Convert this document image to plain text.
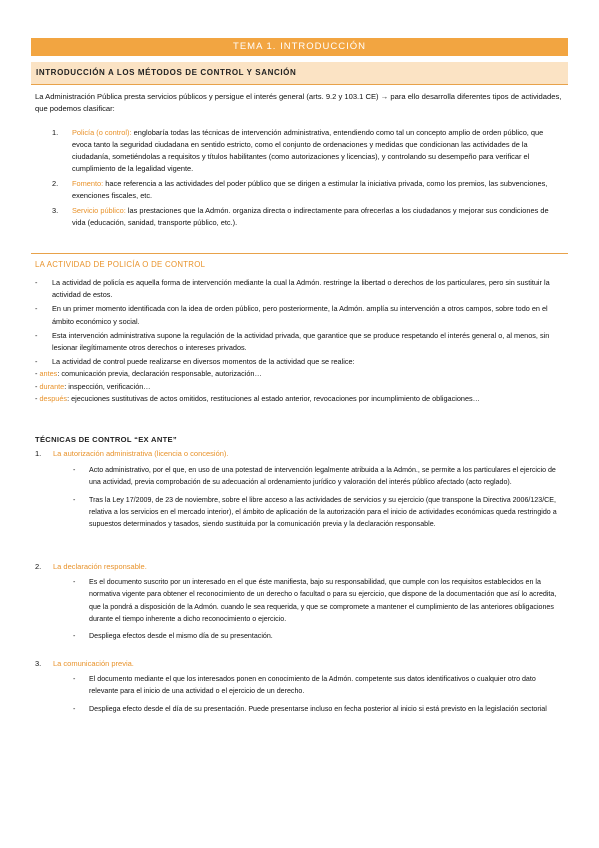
TEMA 1. INTRODUCCIÓN
INTRODUCCIÓN A LOS MÉTODOS DE CONTROL Y SANCIÓN
La Administración Pública presta servicios públicos y persigue el interés general (arts. 9.2 y 103.1 CE) → para ello desarrolla diferentes tipos de actividades, que podemos clasificar:
1. Policía (o control): englobaría todas las técnicas de intervención administrativa, entendiendo como tal un concepto amplio de orden público, que evoca tanto la seguridad ciudadana en sentido estricto, como el conjunto de ordenaciones y medidas que condicionan las actividades de la ciudadanía, sometiéndolas a requisitos y títulos habilitantes (como autorizaciones y licencias), y controlando su desempeño para verificar el cumplimiento de la legalidad vigente.
2. Fomento: hace referencia a las actividades del poder público que se dirigen a estimular la iniciativa privada, como los premios, las subvenciones, exenciones fiscales, etc.
3. Servicio público: las prestaciones que la Admón. organiza directa o indirectamente para ofrecerlas a los ciudadanos y mejorar sus condiciones de vida (educación, sanidad, transporte público, etc.).
LA ACTIVIDAD DE POLICÍA O DE CONTROL
- La actividad de policía es aquella forma de intervención mediante la cual la Admón. restringe la libertad o derechos de los particulares, pero sin sustituir la actividad de estos.
- En un primer momento identificada con la idea de orden público, pero posteriormente, la Admón. amplía su intervención a otros campos, sobre todo en el ámbito económico y social.
- Esta intervención administrativa supone la regulación de la actividad privada, que garantice que se produce respetando el interés general o, al menos, sin lesionar ilegítimamente otros derechos o intereses privados.
- La actividad de control puede realizarse en diversos momentos de la actividad que se realice:
- antes: comunicación previa, declaración responsable, autorización…
- durante: inspección, verificación…
- después: ejecuciones sustitutivas de actos omitidos, restituciones al estado anterior, revocaciones por incumplimiento de obligaciones…
TÉCNICAS DE CONTROL “EX ANTE”
1. La autorización administrativa (licencia o concesión).
- Acto administrativo, por el que, en uso de una potestad de intervención legalmente atribuida a la Admón., se permite a los particulares el ejercicio de una actividad, previa comprobación de su adecuación al ordenamiento jurídico y valoración del interés público afectado (acto reglado).
- Tras la Ley 17/2009, de 23 de noviembre, sobre el libre acceso a las actividades de servicios y su ejercicio (que transpone la Directiva 2006/123/CE, relativa a los servicios en el mercado interior), el ámbito de aplicación de la autorización para el inicio de actividades económicas queda restringido a supuestos determinados y tasados, siendo sustituida por la comunicación previa y la declaración responsable.
2. La declaración responsable.
- Es el documento suscrito por un interesado en el que éste manifiesta, bajo su responsabilidad, que cumple con los requisitos establecidos en la normativa vigente para obtener el reconocimiento de un derecho o facultad o para su ejercicio, que dispone de la documentación que así lo acredita, que la pondrá a disposición de la Admón. cuando le sea requerida, y que se compromete a mantener el cumplimiento de las anteriores obligaciones durante el tiempo inherente a dicho reconocimiento o ejercicio.
- Despliega efectos desde el mismo día de su presentación.
3. La comunicación previa.
- El documento mediante el que los interesados ponen en conocimiento de la Admón. competente sus datos identificativos o cualquier otro dato relevante para el inicio de una actividad o el ejercicio de un derecho.
- Despliega efecto desde el día de su presentación. Puede presentarse incluso en fecha posterior al inicio si está previsto en la legislación sectorial
